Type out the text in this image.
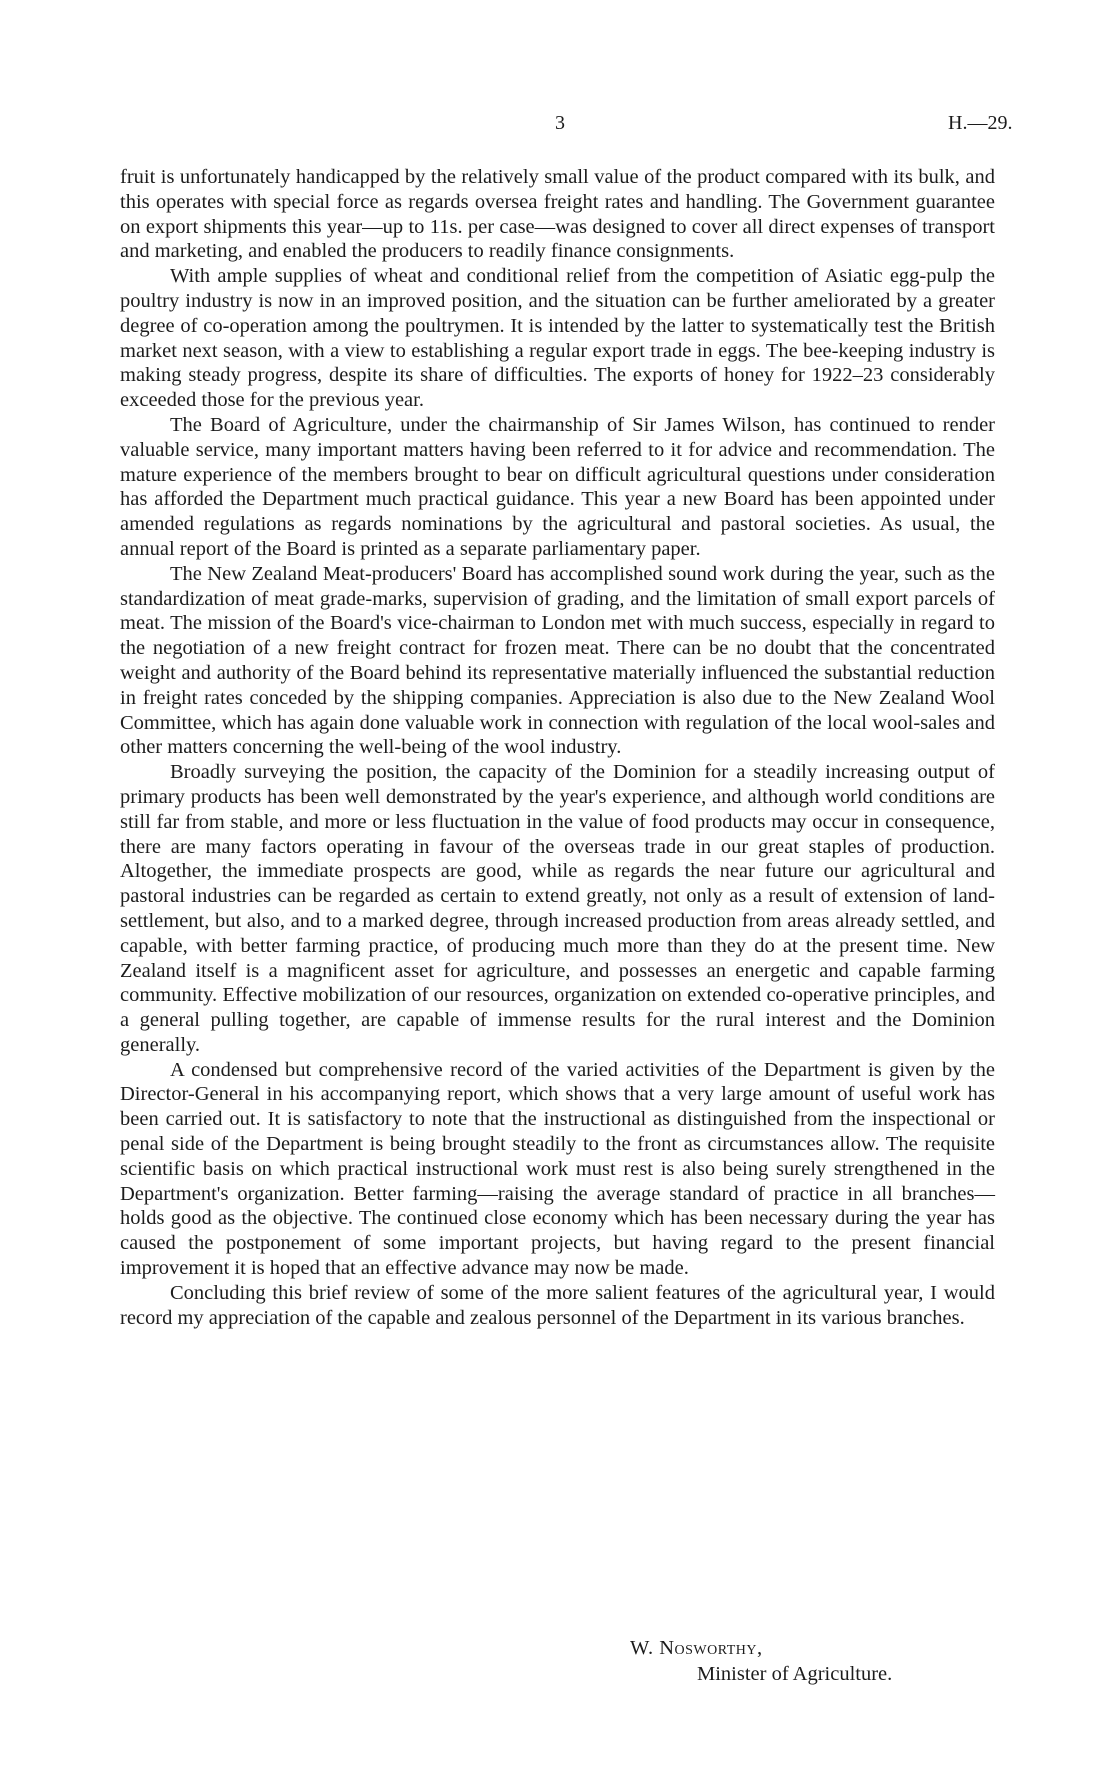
3	H.—29.

fruit is unfortunately handicapped by the relatively small value of the product compared with its bulk, and this operates with special force as regards oversea freight rates and handling. The Government guarantee on export shipments this year—up to 11s. per case—was designed to cover all direct expenses of transport and marketing, and enabled the producers to readily finance consignments.

With ample supplies of wheat and conditional relief from the competition of Asiatic egg-pulp the poultry industry is now in an improved position, and the situation can be further ameliorated by a greater degree of co-operation among the poultrymen. It is intended by the latter to systematically test the British market next season, with a view to establishing a regular export trade in eggs. The bee-keeping industry is making steady progress, despite its share of difficulties. The exports of honey for 1922–23 considerably exceeded those for the previous year.

The Board of Agriculture, under the chairmanship of Sir James Wilson, has continued to render valuable service, many important matters having been referred to it for advice and recommendation. The mature experience of the members brought to bear on difficult agricultural questions under consideration has afforded the Department much practical guidance. This year a new Board has been appointed under amended regulations as regards nominations by the agricultural and pastoral societies. As usual, the annual report of the Board is printed as a separate parliamentary paper.

The New Zealand Meat-producers' Board has accomplished sound work during the year, such as the standardization of meat grade-marks, supervision of grading, and the limitation of small export parcels of meat. The mission of the Board's vice-chairman to London met with much success, especially in regard to the negotiation of a new freight contract for frozen meat. There can be no doubt that the concentrated weight and authority of the Board behind its representative materially influenced the substantial reduction in freight rates conceded by the shipping companies. Appreciation is also due to the New Zealand Wool Committee, which has again done valuable work in connection with regulation of the local wool-sales and other matters concerning the well-being of the wool industry.

Broadly surveying the position, the capacity of the Dominion for a steadily increasing output of primary products has been well demonstrated by the year's experience, and although world conditions are still far from stable, and more or less fluctuation in the value of food products may occur in consequence, there are many factors operating in favour of the overseas trade in our great staples of production. Altogether, the immediate prospects are good, while as regards the near future our agricultural and pastoral industries can be regarded as certain to extend greatly, not only as a result of extension of land-settlement, but also, and to a marked degree, through increased production from areas already settled, and capable, with better farming practice, of producing much more than they do at the present time. New Zealand itself is a magnificent asset for agriculture, and possesses an energetic and capable farming community. Effective mobilization of our resources, organization on extended co-operative principles, and a general pulling together, are capable of immense results for the rural interest and the Dominion generally.

A condensed but comprehensive record of the varied activities of the Department is given by the Director-General in his accompanying report, which shows that a very large amount of useful work has been carried out. It is satisfactory to note that the instructional as distinguished from the inspectional or penal side of the Department is being brought steadily to the front as circumstances allow. The requisite scientific basis on which practical instructional work must rest is also being surely strengthened in the Department's organization. Better farming—raising the average standard of practice in all branches—holds good as the objective. The continued close economy which has been necessary during the year has caused the postponement of some important projects, but having regard to the present financial improvement it is hoped that an effective advance may now be made.

Concluding this brief review of some of the more salient features of the agricultural year, I would record my appreciation of the capable and zealous personnel of the Department in its various branches.

W. Nosworthy,
Minister of Agriculture.
